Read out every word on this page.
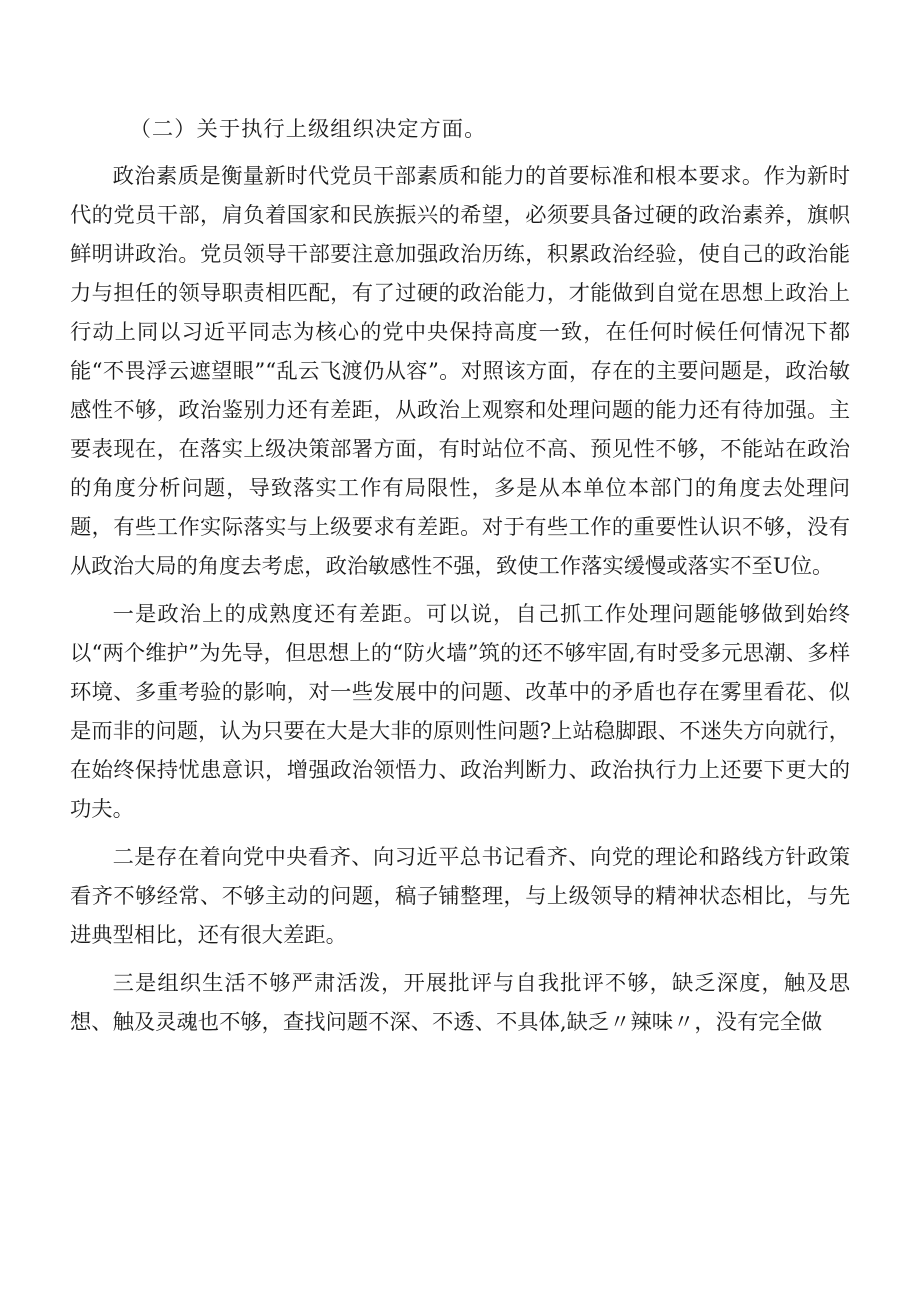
（二）关于执行上级组织决定方面。

政治素质是衡量新时代党员干部素质和能力的首要标准和根本要求。作为新时代的党员干部，肩负着国家和民族振兴的希望，必须要具备过硬的政治素养，旗帜鲜明讲政治。党员领导干部要注意加强政治历练，积累政治经验，使自己的政治能力与担任的领导职责相匹配，有了过硬的政治能力，才能做到自觉在思想上政治上行动上同以习近平同志为核心的党中央保持高度一致，在任何时候任何情况下都能“不畏浮云遮望眼”“乱云飞渡仍从容”。对照该方面，存在的主要问题是，政治敏感性不够，政治鉴别力还有差距，从政治上观察和处理问题的能力还有待加强。主要表现在，在落实上级决策部署方面，有时站位不高、预见性不够，不能站在政治的角度分析问题，导致落实工作有局限性，多是从本单位本部门的角度去处理问题，有些工作实际落实与上级要求有差距。对于有些工作的重要性认识不够，没有从政治大局的角度去考虑，政治敏感性不强，致使工作落实缓慢或落实不至U位。

一是政治上的成熟度还有差距。可以说，自己抓工作处理问题能够做到始终以“两个维护”为先导，但思想上的“防火墙”筑的还不够牢固,有时受多元思潮、多样环境、多重考验的影响，对一些发展中的问题、改革中的矛盾也存在雾里看花、似是而非的问题，认为只要在大是大非的原则性问题?上站稳脚跟、不迷失方向就行，在始终保持忧患意识，增强政治领悟力、政治判断力、政治执行力上还要下更大的功夫。

二是存在着向党中央看齐、向习近平总书记看齐、向党的理论和路线方针政策看齐不够经常、不够主动的问题，稿子铺整理，与上级领导的精神状态相比，与先进典型相比，还有很大差距。

三是组织生活不够严肃活泼，开展批评与自我批评不够，缺乏深度，触及思想、触及灵魂也不够，查找问题不深、不透、不具体,缺乏〃辣味〃，没有完全做
